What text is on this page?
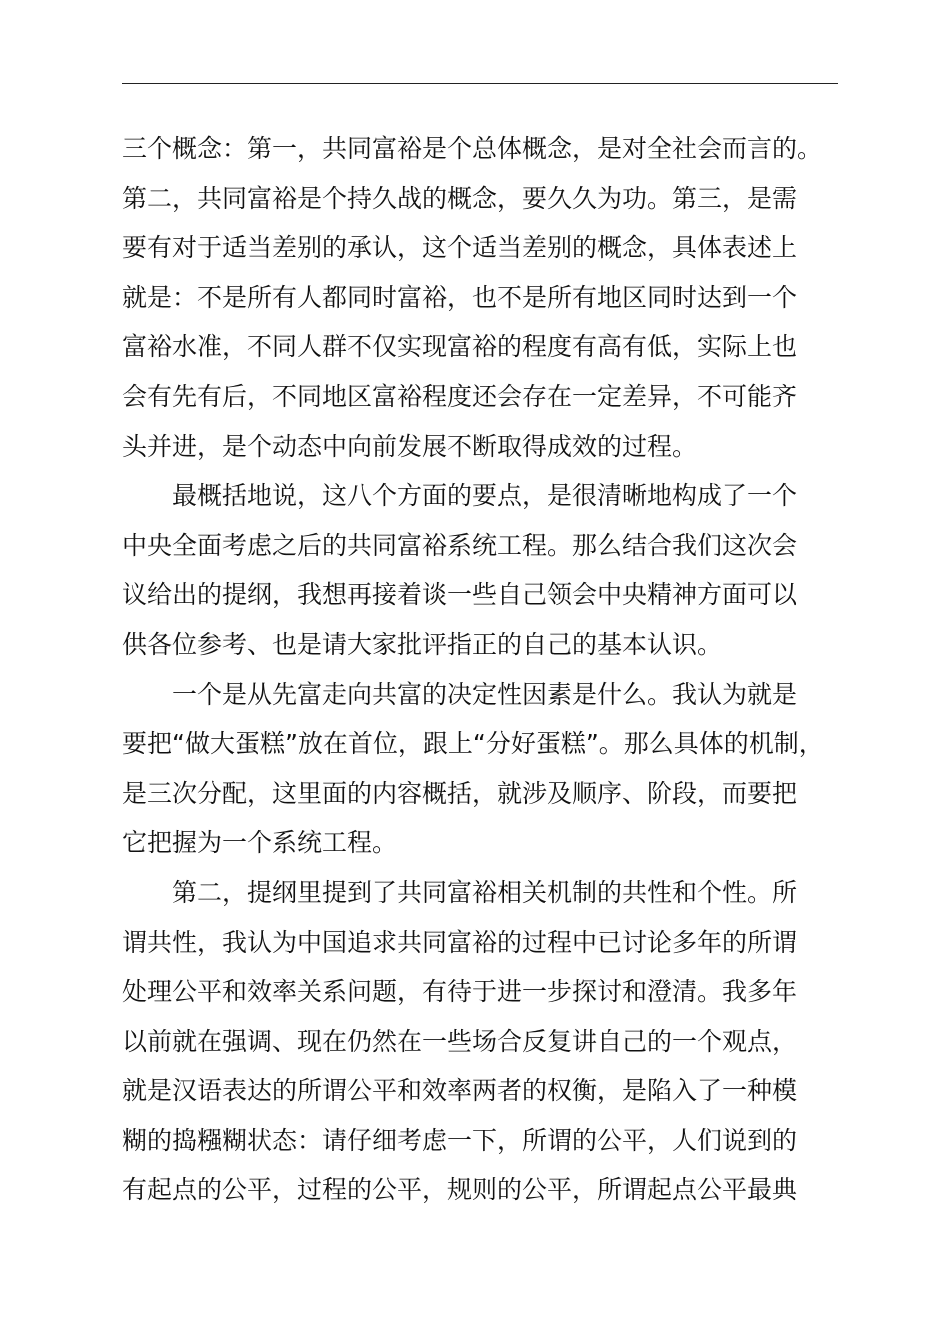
三个概念：第一，共同富裕是个总体概念，是对全社会而言的。
第二，共同富裕是个持久战的概念，要久久为功。第三，是需
要有对于适当差别的承认，这个适当差别的概念，具体表述上
就是：不是所有人都同时富裕，也不是所有地区同时达到一个
富裕水准，不同人群不仅实现富裕的程度有高有低，实际上也
会有先有后，不同地区富裕程度还会存在一定差异，不可能齐
头并进，是个动态中向前发展不断取得成效的过程。
最概括地说，这八个方面的要点，是很清晰地构成了一个
中央全面考虑之后的共同富裕系统工程。那么结合我们这次会
议给出的提纲，我想再接着谈一些自己领会中央精神方面可以
供各位参考、也是请大家批评指正的自己的基本认识。
一个是从先富走向共富的决定性因素是什么。我认为就是
要把“做大蛋糕”放在首位，跟上“分好蛋糕”。那么具体的机制，
是三次分配，这里面的内容概括，就涉及顺序、阶段，而要把
它把握为一个系统工程。
第二，提纲里提到了共同富裕相关机制的共性和个性。所
谓共性，我认为中国追求共同富裕的过程中已讨论多年的所谓
处理公平和效率关系问题，有待于进一步探讨和澄清。我多年
以前就在强调、现在仍然在一些场合反复讲自己的一个观点，
就是汉语表达的所谓公平和效率两者的权衡，是陷入了一种模
糊的捣糨糊状态：请仔细考虑一下，所谓的公平，人们说到的
有起点的公平，过程的公平，规则的公平，所谓起点公平最典
